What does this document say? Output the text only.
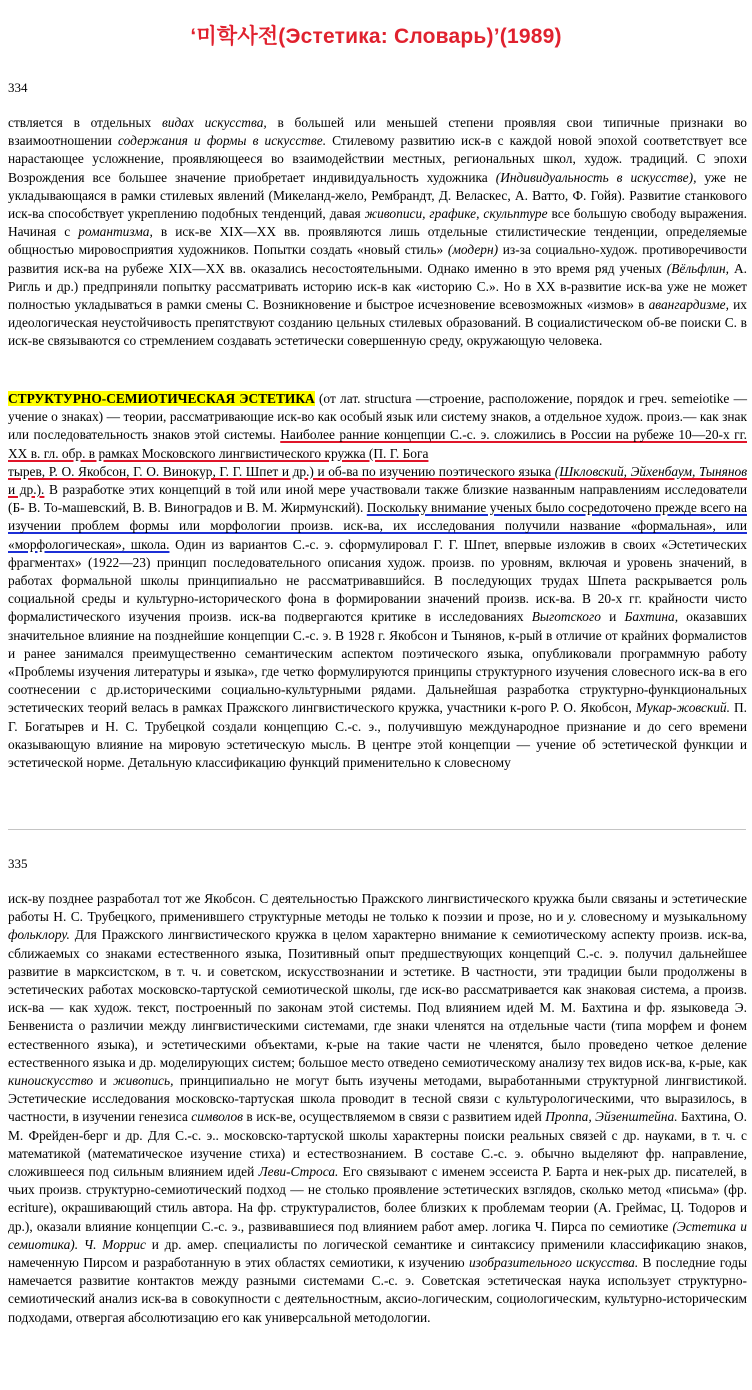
‘미학사전(Эстетика: Словарь)’(1989)
334

ствляется в отдельных видах искусства, в большей или меньшей степени проявляя свои типичные признаки во взаимоотношении содержания и формы в искусстве. Стилевому развитию иск-в с каждой новой эпохой соответствует все нарастающее усложнение, проявляющееся во взаимодействии местных, региональных школ, худож. традиций. С эпохи Возрождения все большее значение приобретает индивидуальность художника (Индивидуальность в искусстве), уже не укладывающаяся в рамки стилевых явлений (Микеланд-жело, Рембрандт, Д. Веласкес, А. Ватто, Ф. Гойя). Развитие станкового иск-ва способствует укреплению подобных тенденций, давая живописи, графике, скульптуре все большую свободу выражения. Начиная с романтизма, в иск-ве XIX—XX вв. проявляются лишь отдельные стилистические тенденции, определяемые общностью мировосприятия художников. Попытки создать «новый стиль» (модерн) из-за социально-худож. противоречивости развития иск-ва на рубеже XIX—XX вв. оказались несостоятельными. Однако именно в это время ряд ученых (Вёльфлин, А. Ригль и др.) предприняли попытку рассматривать историю иск-в как «историю С.». Но в XX в-развитие иск-ва уже не может полностью укладываться в рамки смены С. Возникновение и быстрое исчезновение всевозможных «измов» в авангардизме, их идеологическая неустойчивость препятствуют созданию цельных стилевых образований. В социалистическом об-ве поиски С. в иск-ве связываются со стремлением создавать эстетически совершенную среду, окружающую человека.

СТРУКТУРНО-СЕМИОТИЧЕСКАЯ ЭСТЕТИКА (от лат. structura —строение, расположение, порядок и греч. semeiotike — учение о знаках) — теории, рассматривающие иск-во как особый язык или систему знаков, а отдельное худож. произ.— как знак или последовательность знаков этой системы. Наиболее ранние концепции С.-с. э. сложились в России на рубеже 10—20-х гг. XX в. гл. обр. в рамках Московского лингвистического кружка (П. Г. Бога
тырев, Р. О. Якобсон, Г. О. Винокур, Г. Г. Шпет и др.) и об-ва по изучению поэтического языка (Шкловский, Эйхенбаум, Тынянов и др.). В разработке этих концепций в той или иной мере участвовали также близкие названным направлениям исследователи (Б- В. То-машевский, В. В. Виноградов и В. М. Жирмунский). Поскольку внимание ученых было сосредоточено прежде всего на изучении проблем формы или морфологии произв. иск-ва, их исследования получили название «формальная», или «морфологическая», школа. Один из вариантов С.-с. э. сформулировал Г. Г. Шпет, впервые изложив в своих «Эстетических фрагментах» (1922—23) принцип последовательного описания худож. произв. по уровням, включая и уровень значений, в работах формальной школы принципиально не рассматривавшийся. В последующих трудах Шпета раскрывается роль социальной среды и культурно-исторического фона в формировании значений произв. иск-ва. В 20-х гг. крайности чисто формалистического изучения произв. иск-ва подвергаются критике в исследованиях Выготского и Бахтина, оказавших значительное влияние на позднейшие концепции С.-с. э. В 1928 г. Якобсон и Тынянов, к-рый в отличие от крайних формалистов и ранее занимался преимущественно семантическим аспектом поэтического языка, опубликовали программную работу «Проблемы изучения литературы и языка», где четко формулируются принципы структурного изучения словесного иск-ва в его соотнесении с др.историческими социально-культурными рядами. Дальнейшая разработка структурно-функциональных эстетических теорий велась в рамках Пражского лингвистического кружка, участники к-рого Р. О. Якобсон, Мукар-жовский. П. Г. Богатырев и Н. С. Трубецкой создали концепцию С.-с. э., получившую международное признание и до сего времени оказывающую влияние на мировую эстетическую мысль. В центре этой концепции — учение об эстетической функции и эстетической норме. Детальную классификацию функций применительно к словесному

335

иск-ву позднее разработал тот же Якобсон. С деятельностью Пражского лингвистического кружка были связаны и эстетические работы Н. С. Трубецкого, применившего структурные методы не только к поэзии и прозе, но и у. словесному и музыкальному фольклору. Для Пражского лингвистического кружка в целом характерно внимание к семиотическому аспекту произв. иск-ва, сближаемых со знаками естественного языка, Позитивный опыт предшествующих концепций С.-с. э. получил дальнейшее развитие в марксистском, в т. ч. и советском, искусствознании и эстетике. В частности, эти традиции были продолжены в эстетических работах московско-тартуской семиотической школы, где иск-во рассматривается как знаковая система, а произв. иск-ва — как худож. текст, построенный по законам этой системы. Под влиянием идей М. М. Бахтина и фр. языковеда Э. Бенвениста о различии между лингвистическими системами, где знаки членятся на отдельные части (типа морфем и фонем естественного языка), и эстетическими объектами, к-рые на такие части не членятся, было проведено четкое деление естественного языка и др. моделирующих систем; большое место отведено семиотическому анализу тех видов иск-ва, к-рые, как киноискусство и живопись, принципиально не могут быть изучены методами, выработанными структурной лингвистикой. Эстетические исследования московско-тартуская школа проводит в тесной связи с культурологическими, что выразилось, в частности, в изучении генезиса символов в иск-ве, осуществляемом в связи с развитием идей Проппа, Эйзенштейна. Бахтина, О. М. Фрейден-берг и др. Для С.-с. э.. московско-тартуской школы характерны поиски реальных связей с др. науками, в т. ч. с математикой (математическое изучение стиха) и естествознанием. В составе С.-с. э. обычно выделяют фр. направление, сложившееся под сильным влиянием идей Леви-Строса. Его связывают с именем эссеиста Р. Барта и нек-рых др. писателей, в чьих произв. структурно-семиотический подход — не столько проявление эстетических взглядов, сколько метод «письма» (фр. ecriture), окрашивающий стиль автора. На фр. структуралистов, более близких к проблемам теории (А. Греймас, Ц. Тодоров и др.), оказали влияние концепции С.-с. э., развивавшиеся под влиянием работ амер. логика Ч. Пирса по семиотике (Эстетика и семиотика). Ч. Моррис и др. амер. специалисты по логической семантике и синтаксису применили классификацию знаков, намеченную Пирсом и разработанную в этих областях семиотики, к изучению изобразительного искусства. В последние годы намечается развитие контактов между разными системами С.-с. э. Советская эстетическая наука использует структурно-семиотический анализ иск-ва в совокупности с деятельностным, аксио-логическим, социологическим, культурно-историческим подходами, отвергая абсолютизацию его как универсальной методологии.
